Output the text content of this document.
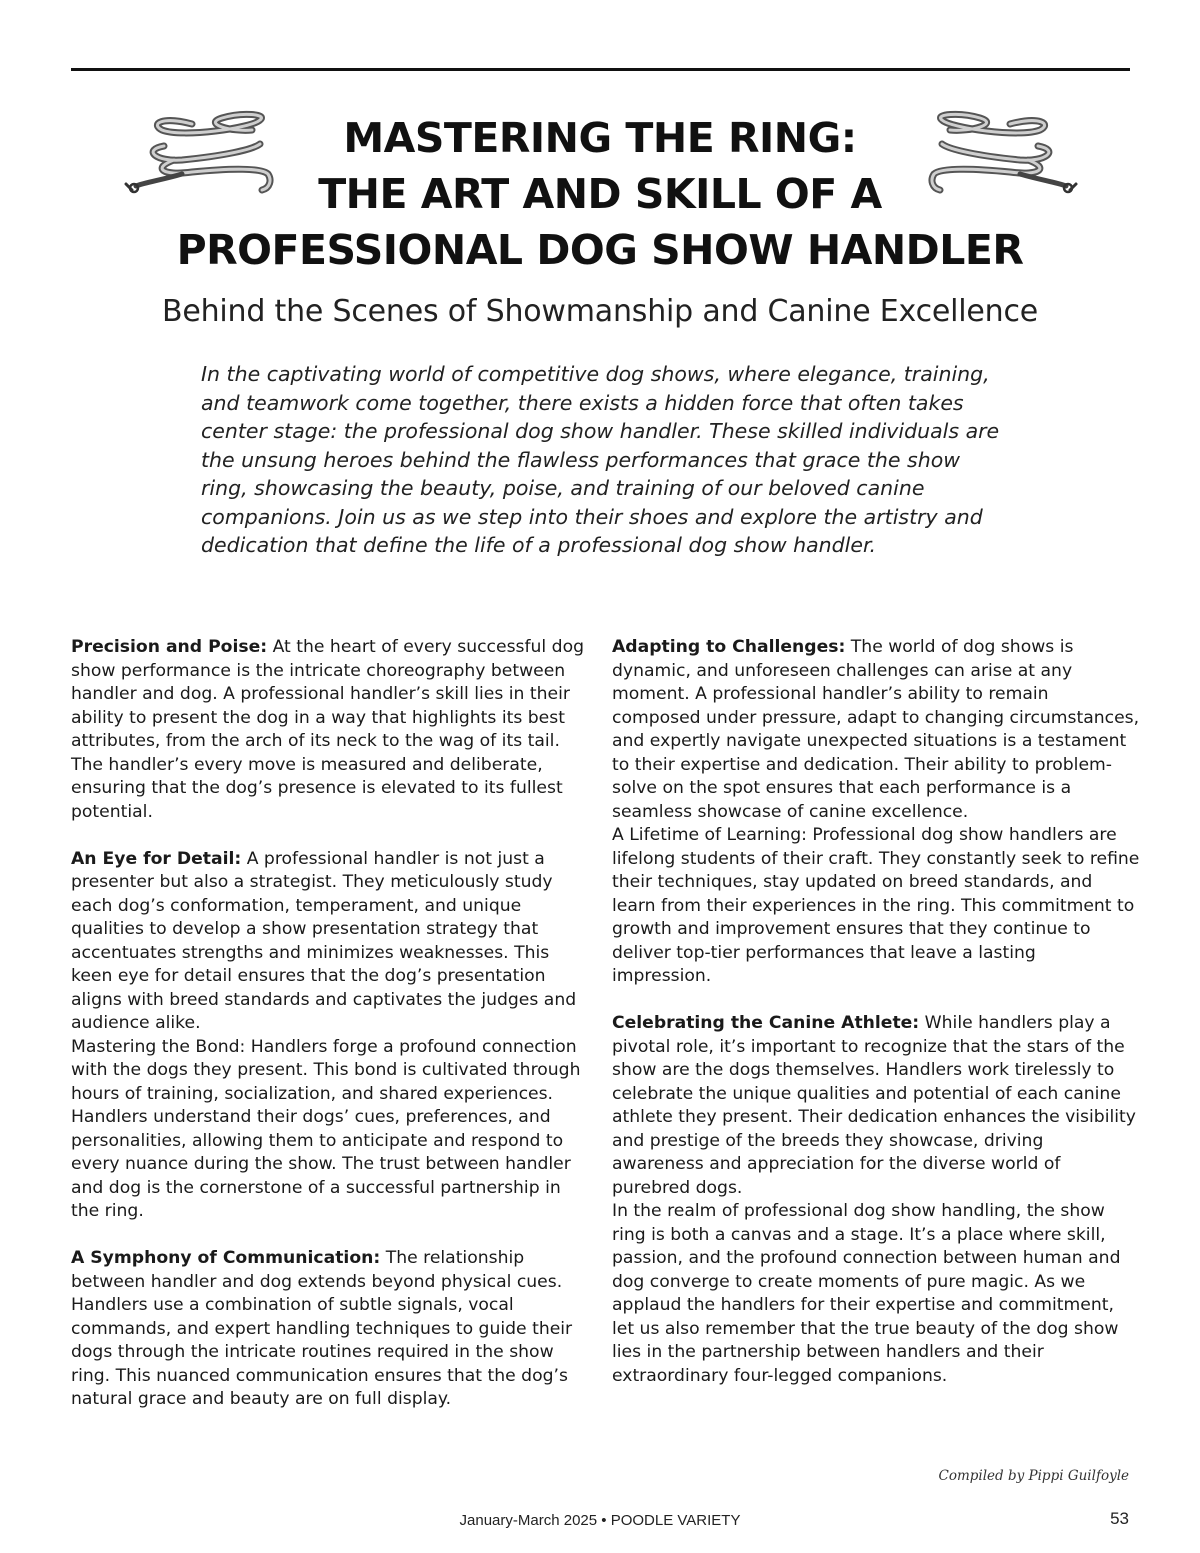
MASTERING THE RING:
THE ART AND SKILL OF A
PROFESSIONAL DOG SHOW HANDLER
Behind the Scenes of Showmanship and Canine Excellence

In the captivating world of competitive dog shows, where elegance, training, and teamwork come together, there exists a hidden force that often takes center stage: the professional dog show handler. These skilled individuals are the unsung heroes behind the flawless performances that grace the show ring, showcasing the beauty, poise, and training of our beloved canine companions. Join us as we step into their shoes and explore the artistry and dedication that define the life of a professional dog show handler.

Precision and Poise: At the heart of every successful dog show performance is the intricate choreography between handler and dog. A professional handler’s skill lies in their ability to present the dog in a way that highlights its best attributes, from the arch of its neck to the wag of its tail. The handler’s every move is measured and deliberate, ensuring that the dog’s presence is elevated to its fullest potential.

An Eye for Detail: A professional handler is not just a presenter but also a strategist. They meticulously study each dog’s conformation, temperament, and unique qualities to develop a show presentation strategy that accentuates strengths and minimizes weaknesses. This keen eye for detail ensures that the dog’s presentation aligns with breed standards and captivates the judges and audience alike.

Mastering the Bond: Handlers forge a profound connection with the dogs they present. This bond is cultivated through hours of training, socialization, and shared experiences. Handlers understand their dogs’ cues, preferences, and personalities, allowing them to anticipate and respond to every nuance during the show. The trust between handler and dog is the cornerstone of a successful partnership in the ring.

A Symphony of Communication: The relationship between handler and dog extends beyond physical cues. Handlers use a combination of subtle signals, vocal commands, and expert handling techniques to guide their dogs through the intricate routines required in the show ring. This nuanced communication ensures that the dog’s natural grace and beauty are on full display.

Adapting to Challenges: The world of dog shows is dynamic, and unforeseen challenges can arise at any moment. A professional handler’s ability to remain composed under pressure, adapt to changing circumstances, and expertly navigate unexpected situations is a testament to their expertise and dedication. Their ability to problem-solve on the spot ensures that each performance is a seamless showcase of canine excellence.

A Lifetime of Learning: Professional dog show handlers are lifelong students of their craft. They constantly seek to refine their techniques, stay updated on breed standards, and learn from their experiences in the ring. This commitment to growth and improvement ensures that they continue to deliver top-tier performances that leave a lasting impression.

Celebrating the Canine Athlete: While handlers play a pivotal role, it’s important to recognize that the stars of the show are the dogs themselves. Handlers work tirelessly to celebrate the unique qualities and potential of each canine athlete they present. Their dedication enhances the visibility and prestige of the breeds they showcase, driving awareness and appreciation for the diverse world of purebred dogs.

In the realm of professional dog show handling, the show ring is both a canvas and a stage. It’s a place where skill, passion, and the profound connection between human and dog converge to create moments of pure magic. As we applaud the handlers for their expertise and commitment, let us also remember that the true beauty of the dog show lies in the partnership between handlers and their extraordinary four-legged companions.

Compiled by Pippi Guilfoyle
January-March 2025 • POODLE VARIETY	53
